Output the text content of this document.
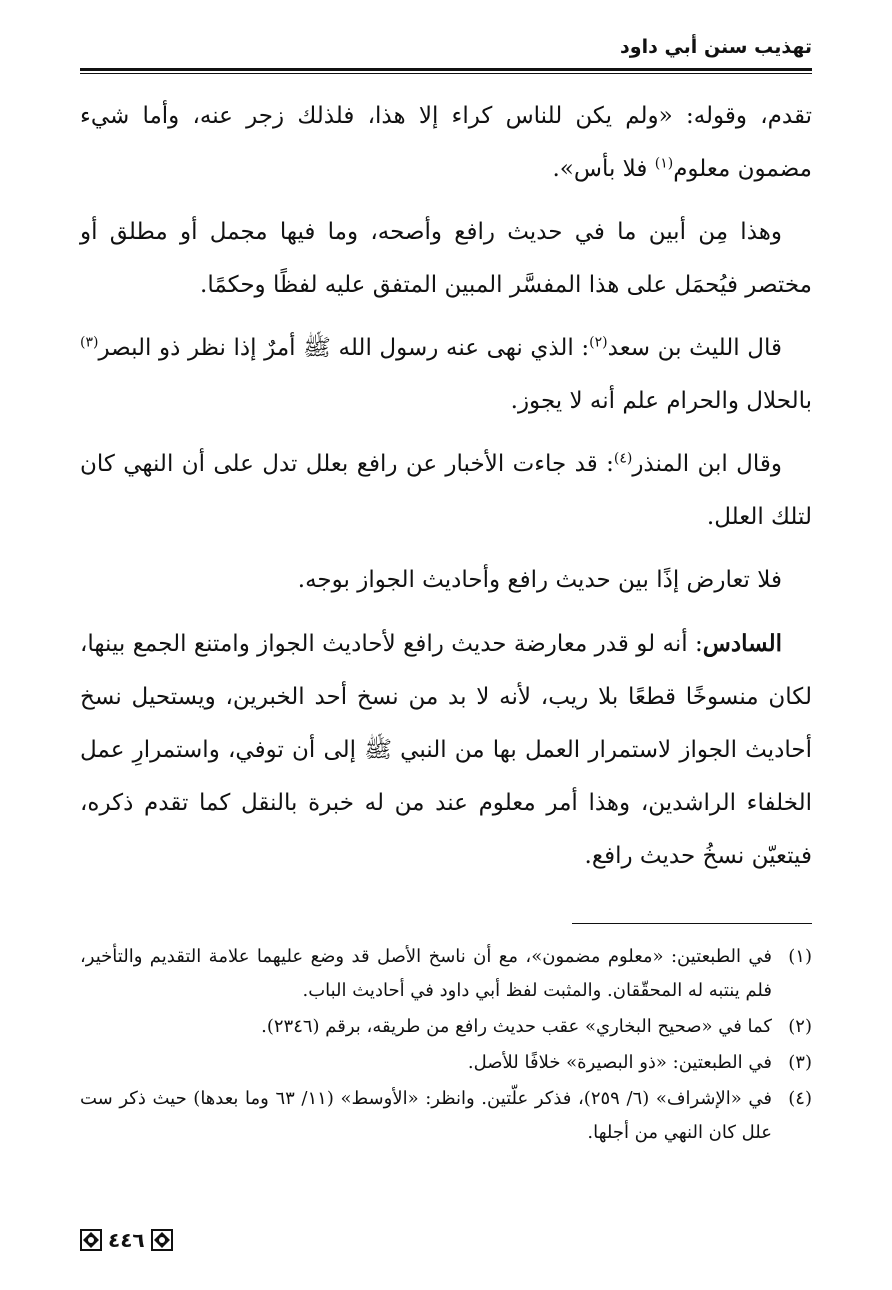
تهذيب سنن أبي داود

تقدم، وقوله: «ولم يكن للناس كراء إلا هذا، فلذلك زجر عنه، وأما شيء مضمون معلوم$^{(١)}$ فلا بأس».

وهذا مِن أبين ما في حديث رافع وأصحه، وما فيها مجمل أو مطلق أو مختصر فيُحمَل على هذا المفسَّر المبين المتفق عليه لفظًا وحكمًا.

قال الليث بن سعد$^{(٢)}$: الذي نهى عنه رسول الله ﷺ أمرٌ إذا نظر ذو البصر$^{(٣)}$ بالحلال والحرام علم أنه لا يجوز.

وقال ابن المنذر$^{(٤)}$: قد جاءت الأخبار عن رافع بعلل تدل على أن النهي كان لتلك العلل.

فلا تعارض إذًا بين حديث رافع وأحاديث الجواز بوجه.

السادس: أنه لو قدر معارضة حديث رافع لأحاديث الجواز وامتنع الجمع بينها، لكان منسوخًا قطعًا بلا ريب، لأنه لا بد من نسخ أحد الخبرين، ويستحيل نسخ أحاديث الجواز لاستمرار العمل بها من النبي ﷺ إلى أن توفي، واستمرارِ عمل الخلفاء الراشدين، وهذا أمر معلوم عند من له خبرة بالنقل كما تقدم ذكره، فيتعيّن نسخُ حديث رافع.

(١)
في الطبعتين: «معلوم مضمون»، مع أن ناسخ الأصل قد وضع عليهما علامة التقديم والتأخير، فلم ينتبه له المحقّقان. والمثبت لفظ أبي داود في أحاديث الباب.
(٢)
كما في «صحيح البخاري» عقب حديث رافع من طريقه، برقم (٢٣٤٦).
(٣)
في الطبعتين: «ذو البصيرة» خلافًا للأصل.
(٤)
في «الإشراف» (٦/ ٢٥٩)، فذكر علّتين. وانظر: «الأوسط» (١١/ ٦٣ وما بعدها) حيث ذكر ست علل كان النهي من أجلها.
٤٤٦
